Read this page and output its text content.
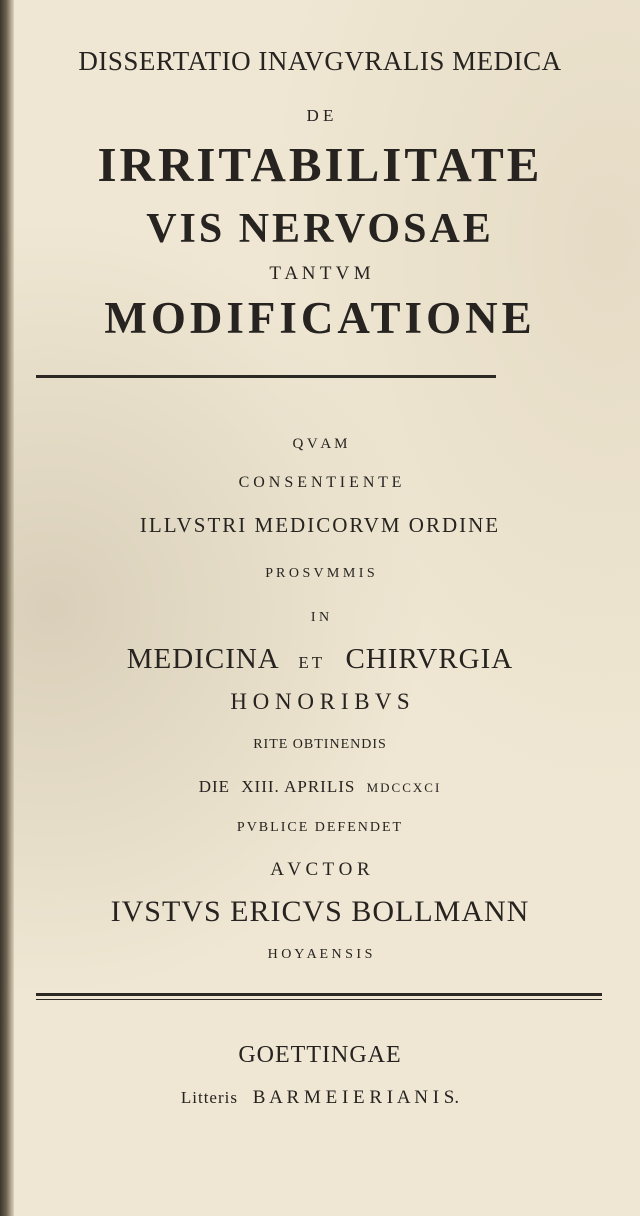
DISSERTATIO INAVGVRALIS MEDICA
D E
IRRITABILITATE
VIS NERVOSAE
T A N T V M
MODIFICATIONE
Q V A M
C O N S E N T I E N T E
ILLVSTRI MEDICORVM ORDINE
P R O S V M M I S
I N
MEDICINA ET CHIRVRGIA
H O N O R I B V S
RITE OBTINENDIS
DIE XIII. APRILIS MDCCXCI
PVBLICE DEFENDET
A V C T O R
IVSTVS ERICVS BOLLMANN
H O Y A E N S I S
GOETTINGAE
Litteris B A R M E I E R I A N I S.
